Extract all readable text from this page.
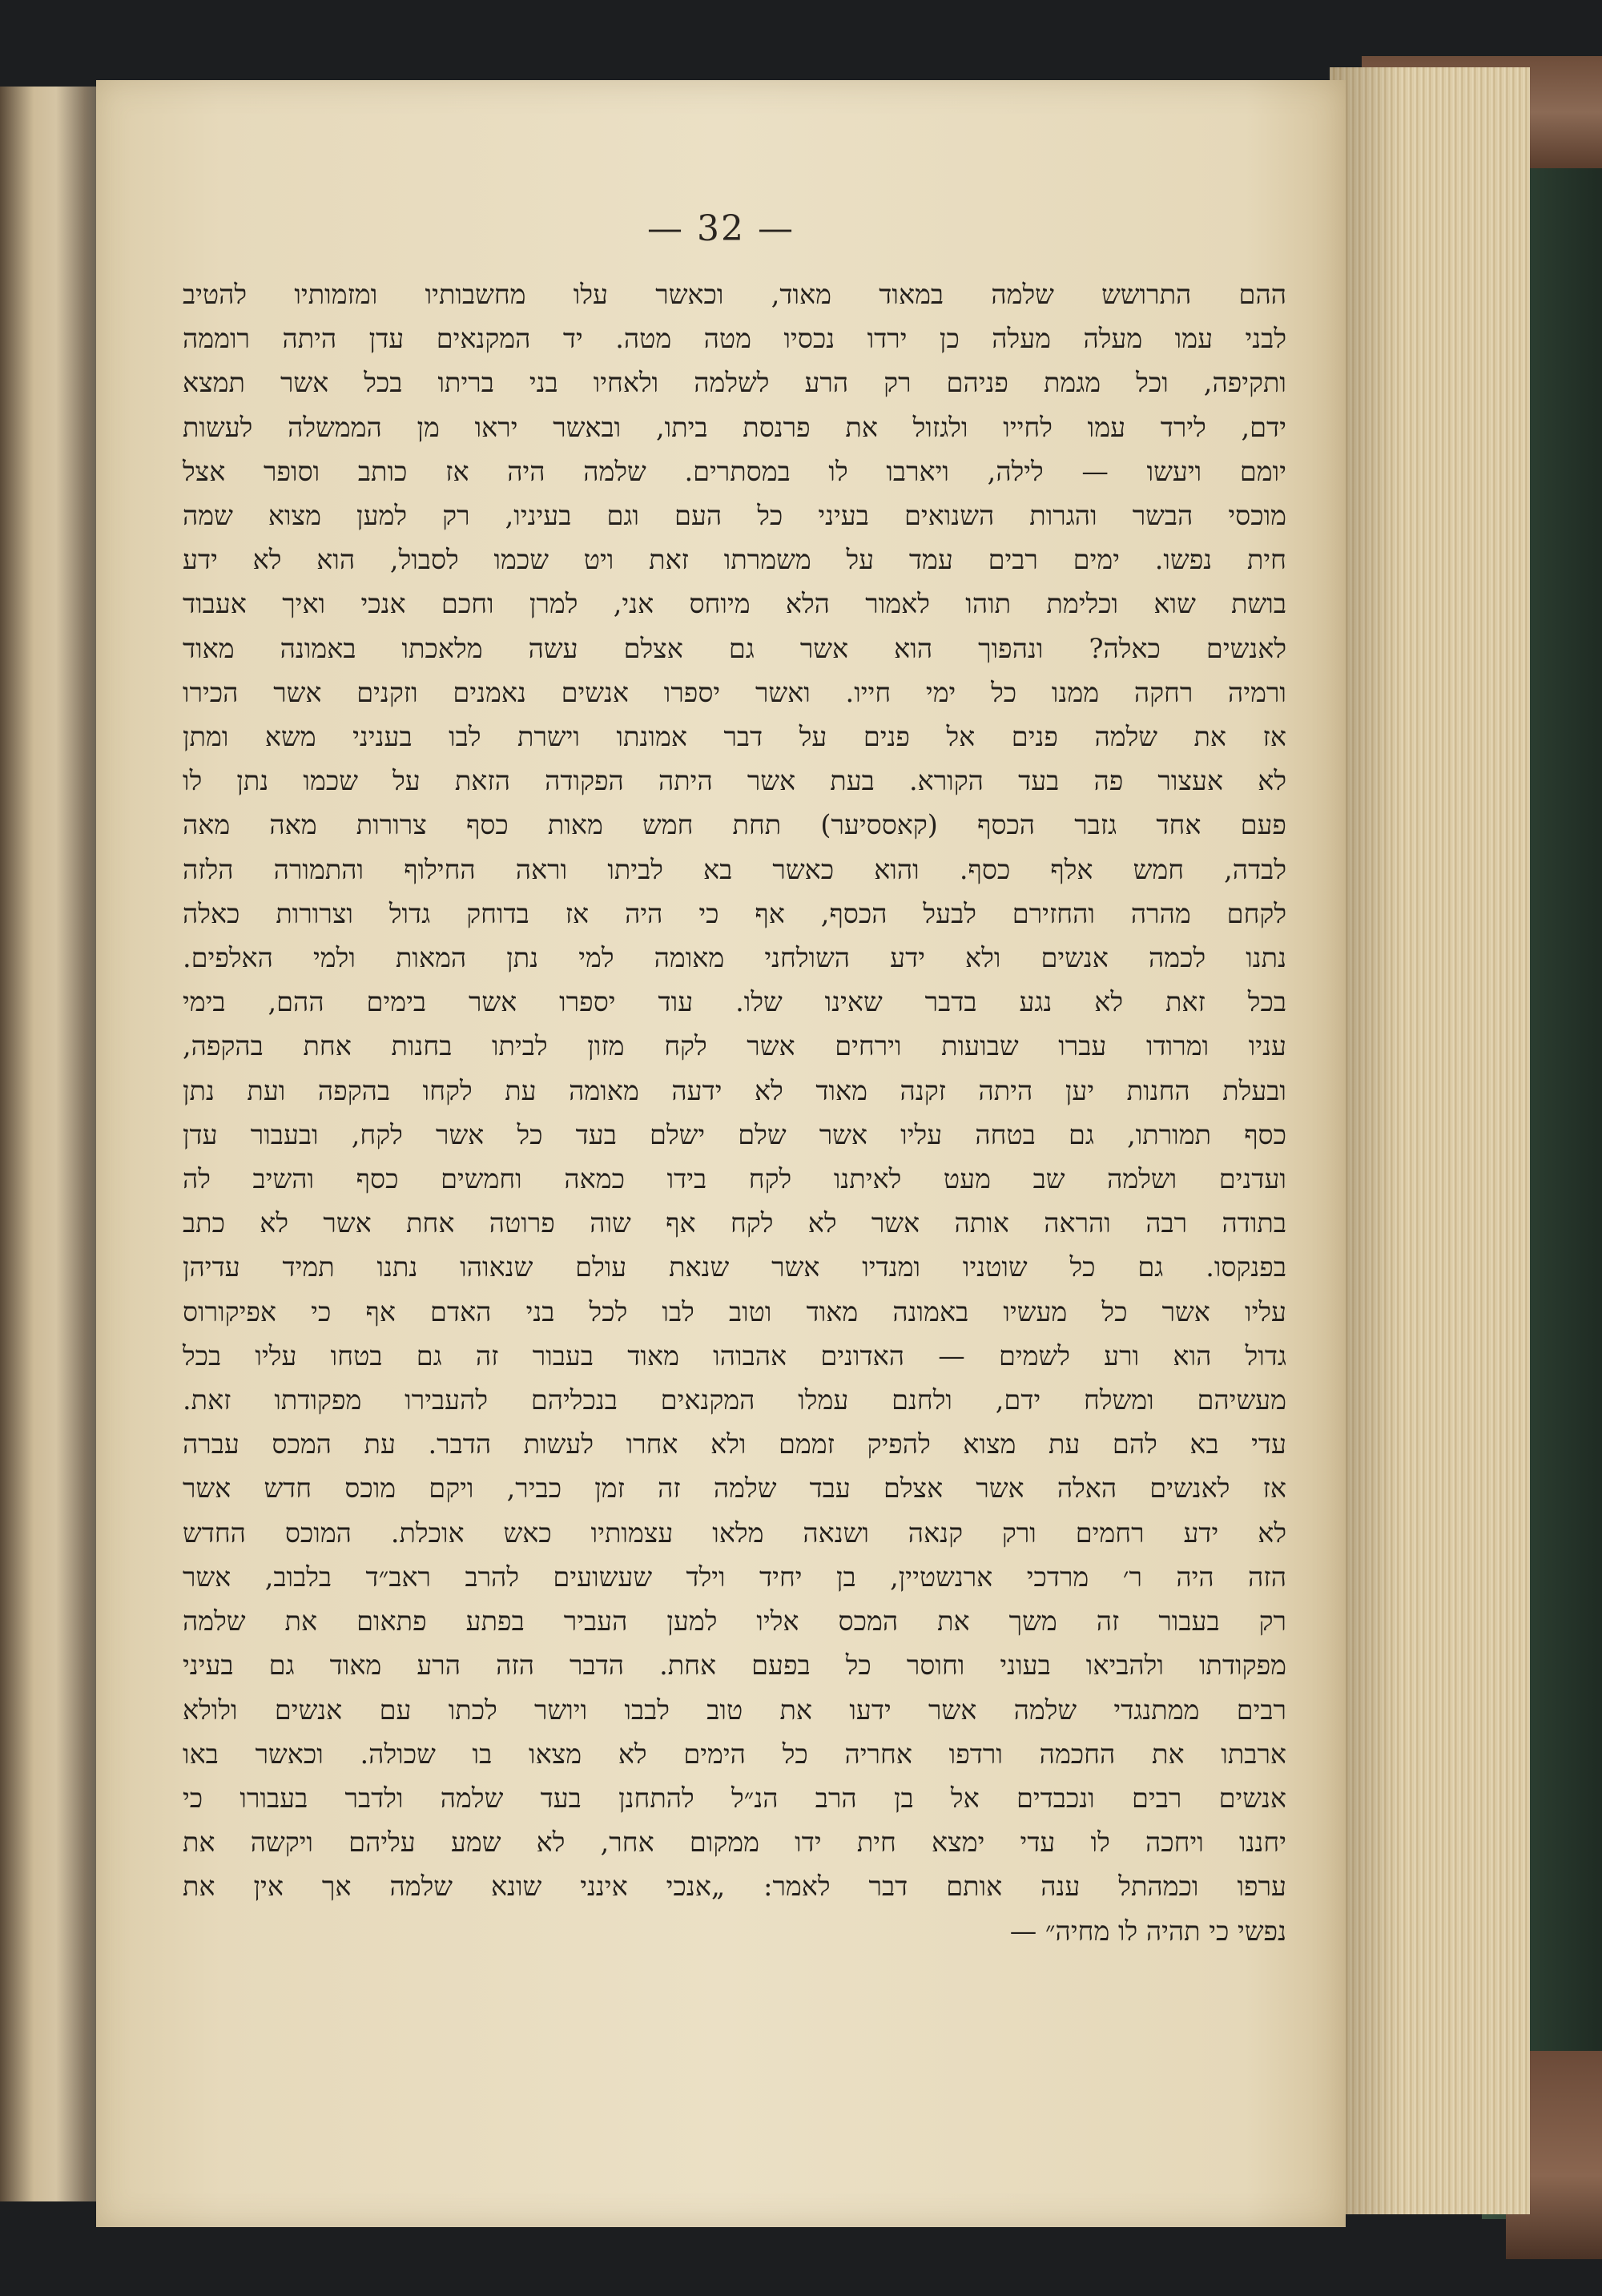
— 32 —
ההם התרושש שלמה במאוד מאוד, וכאשר עלו מחשבותיו ומזמותיו להטיב
לבני עמו מעלה מעלה כן ירדו נכסיו מטה מטה. יד המקנאים עדן היתה רוממה
ותקיפה, וכל מגמת פניהם רק הרע לשלמה ולאחיו בני בריתו בכל אשר תמצא
ידם, לירד עמו לחייו ולגזול את פרנסת ביתו, ובאשר יראו מן הממשלה לעשות
יומם ויעשו — לילה, ויארבו לו במסתרים. שלמה היה אז כותב וסופר אצל
מוכסי הבשר והגרות השנואים בעיני כל העם וגם בעיניו, רק למען מצוא שמה
חית נפשו. ימים רבים עמד על משמרתו זאת ויט שכמו לסבול, הוא לא ידע
בושת שוא וכלימת תוהו לאמור הלא מיוחס אני, למרן וחכם אנכי ואיך אעבוד
לאנשים כאלה? ונהפוך הוא אשר גם אצלם עשה מלאכתו באמונה מאוד
ורמיה רחקה ממנו כל ימי חייו. ואשר יספרו אנשים נאמנים וזקנים אשר הכירו
אז את שלמה פנים אל פנים על דבר אמונתו וישרת לבו בעניני משא ומתן
לא אעצור פה בעד הקורא. בעת אשר היתה הפקודה הזאת על שכמו נתן לו
פעם אחד גזבר הכסף (קאססיער) תחת חמש מאות כסף צרורות מאה מאה
לבדה, חמש אלף כסף. והוא כאשר בא לביתו וראה החילוף והתמורה הלזה
לקחם מהרה והחזירם לבעל הכסף, אף כי היה אז בדוחק גדול וצרורות כאלה
נתנו לכמה אנשים ולא ידע השולחני מאומה למי נתן המאות ולמי האלפים.
בכל זאת לא נגע בדבר שאינו שלו. עוד יספרו אשר בימים ההם, בימי
עניו ומרודו עברו שבועות וירחים אשר לקח מזון לביתו בחנות אחת בהקפה,
ובעלת החנות יען היתה זקנה מאוד לא ידעה מאומה עת לקחו בהקפה ועת נתן
כסף תמורתו, גם בטחה עליו אשר שלם ישלם בעד כל אשר לקח, ובעבור עדן
ועדנים ושלמה שב מעט לאיתנו לקח בידו כמאה וחמשים כסף והשיב לה
בתודה רבה והראה אותה אשר לא לקח אף שוה פרוטה אחת אשר לא כתב
בפנקסו. גם כל שוטניו ומנדיו אשר שנאת עולם שנאוהו נתנו תמיד עדיהן
עליו אשר כל מעשיו באמונה מאוד וטוב לבו לכל בני האדם אף כי אפיקורוס
גדול הוא ורע לשמים — האדונים אהבוהו מאוד בעבור זה גם בטחו עליו בכל
מעשיהם ומשלח ידם, ולחנם עמלו המקנאים בנכליהם להעבירו מפקודתו זאת.
עדי בא להם עת מצוא להפיק זממם ולא אחרו לעשות הדבר. עת המכס עברה
אז לאנשים האלה אשר אצלם עבד שלמה זה זמן כביר, ויקם מוכס חדש אשר
לא ידע רחמים ורק קנאה ושנאה מלאו עצמותיו כאש אוכלת. המוכס החדש
הזה היה ר׳ מרדכי ארנשטיין, בן יחיד וילד שעשועים להרב ראב״ד בלבוב, אשר
רק בעבור זה משך את המכס אליו למען העביר בפתע פתאום את שלמה
מפקודתו ולהביאו בעוני וחוסר כל בפעם אחת. הדבר הזה הרע מאוד גם בעיני
רבים ממתנגדי שלמה אשר ידעו את טוב לבבו ויושר לכתו עם אנשים ולולא
ארבתו את החכמה ורדפו אחריה כל הימים לא מצאו בו שכולה. וכאשר באו
אנשים רבים ונכבדים אל בן הרב הנ״ל להתחנן בעד שלמה ולדבר בעבורו כי
יחננו ויחכה לו עדי ימצא חית ידו ממקום אחר, לא שמע עליהם ויקשה את
ערפו וכמהתל ענה אותם דבר לאמר: „אנכי אינני שונא שלמה אך אין את
נפשי כי תהיה לו מחיה״ —
